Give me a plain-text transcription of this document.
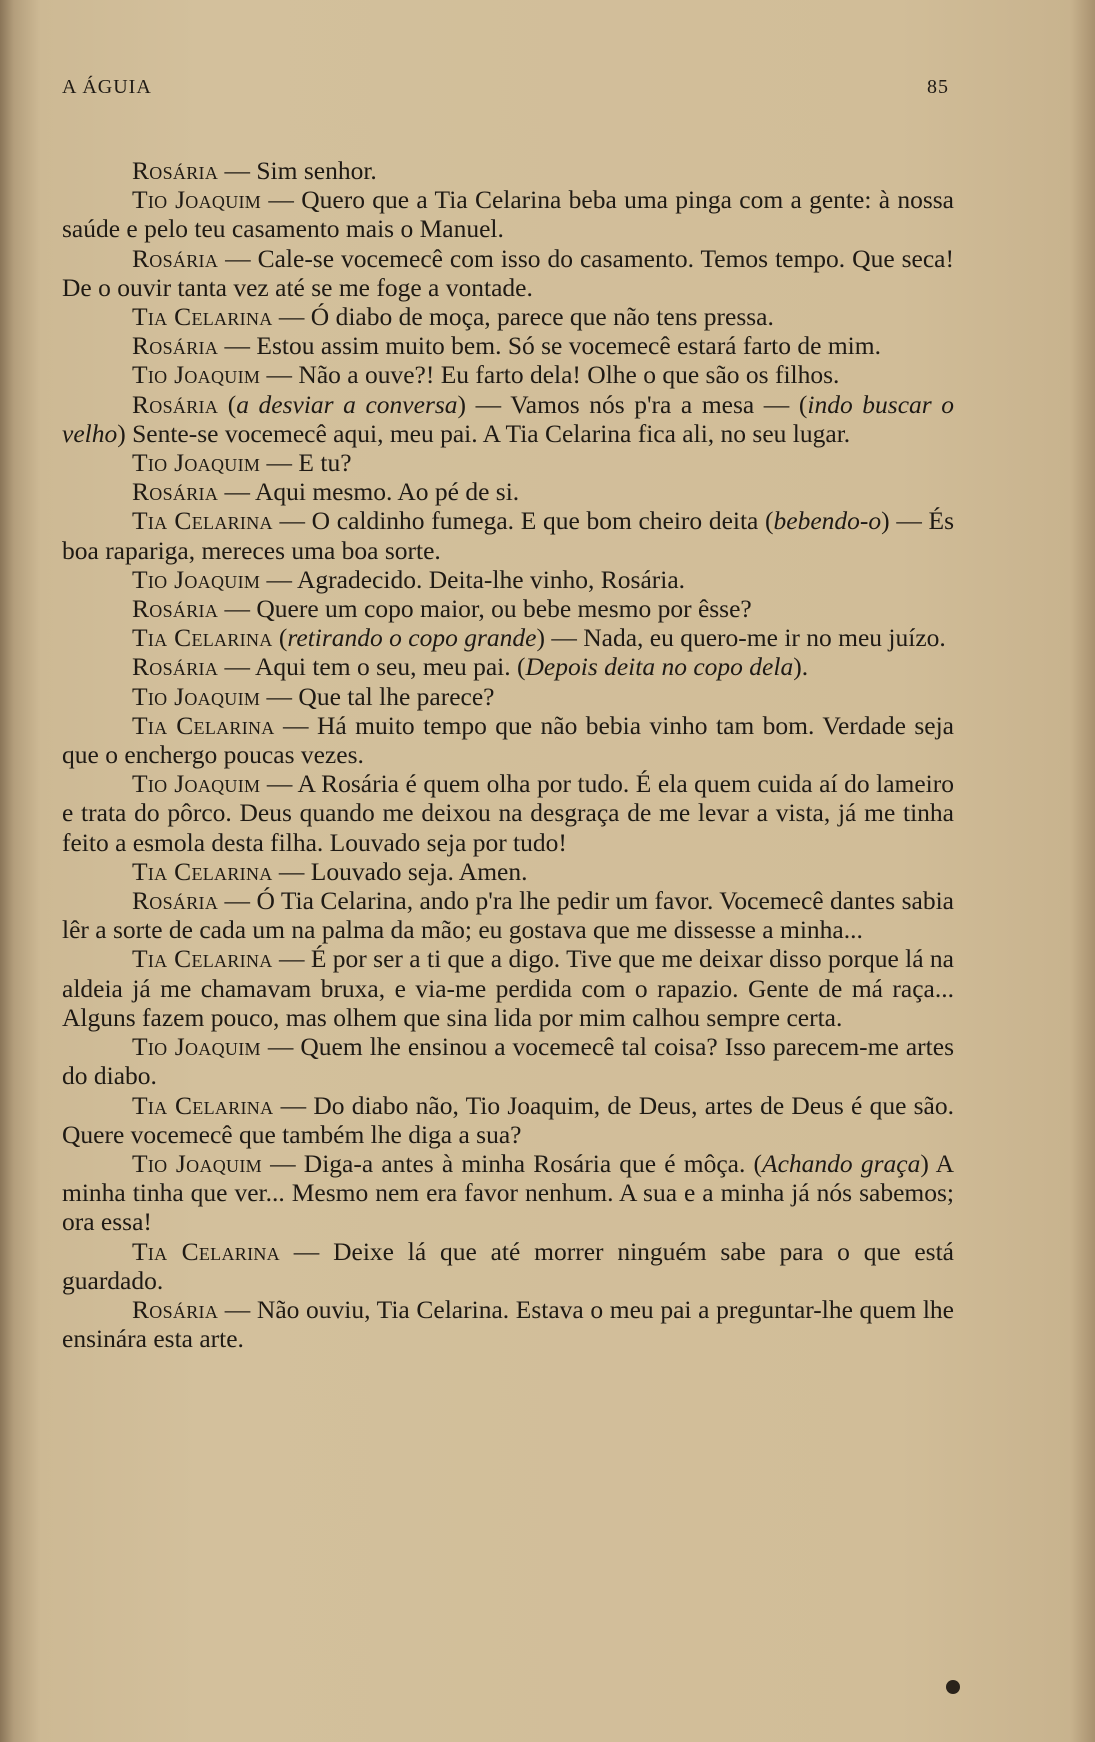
A ÁGUIA	85

Rosária — Sim senhor.

Tio Joaquim — Quero que a Tia Celarina beba uma pinga com a gente: à nossa saúde e pelo teu casamento mais o Manuel.

Rosária — Cale-se vocemecê com isso do casamento. Temos tempo. Que seca! De o ouvir tanta vez até se me foge a vontade.

Tia Celarina — Ó diabo de moça, parece que não tens pressa.

Rosária — Estou assim muito bem. Só se vocemecê estará farto de mim.

Tio Joaquim — Não a ouve?! Eu farto dela! Olhe o que são os filhos.

Rosária (a desviar a conversa) — Vamos nós p'ra a mesa — (indo buscar o velho) Sente-se vocemecê aqui, meu pai. A Tia Celarina fica ali, no seu lugar.

Tio Joaquim — E tu?

Rosária — Aqui mesmo. Ao pé de si.

Tia Celarina — O caldinho fumega. E que bom cheiro deita (bebendo-o) — És boa rapariga, mereces uma boa sorte.

Tio Joaquim — Agradecido. Deita-lhe vinho, Rosária.

Rosária — Quere um copo maior, ou bebe mesmo por êsse?

Tia Celarina (retirando o copo grande) — Nada, eu quero-me ir no meu juízo.

Rosária — Aqui tem o seu, meu pai. (Depois deita no copo dela).

Tio Joaquim — Que tal lhe parece?

Tia Celarina — Há muito tempo que não bebia vinho tam bom. Verdade seja que o enchergo poucas vezes.

Tio Joaquim — A Rosária é quem olha por tudo. É ela quem cuida aí do lameiro e trata do pôrco. Deus quando me deixou na desgraça de me levar a vista, já me tinha feito a esmola desta filha. Louvado seja por tudo!

Tia Celarina — Louvado seja. Amen.

Rosária — Ó Tia Celarina, ando p'ra lhe pedir um favor. Vocemecê dantes sabia lêr a sorte de cada um na palma da mão; eu gostava que me dissesse a minha...

Tia Celarina — É por ser a ti que a digo. Tive que me deixar disso porque lá na aldeia já me chamavam bruxa, e via-me perdida com o rapazio. Gente de má raça... Alguns fazem pouco, mas olhem que sina lida por mim calhou sempre certa.

Tio Joaquim — Quem lhe ensinou a vocemecê tal coisa? Isso parecem-me artes do diabo.

Tia Celarina — Do diabo não, Tio Joaquim, de Deus, artes de Deus é que são. Quere vocemecê que também lhe diga a sua?

Tio Joaquim — Diga-a antes à minha Rosária que é môça. (Achando graça) A minha tinha que ver... Mesmo nem era favor nenhum. A sua e a minha já nós sabemos; ora essa!

Tia Celarina — Deixe lá que até morrer ninguém sabe para o que está guardado.

Rosária — Não ouviu, Tia Celarina. Estava o meu pai a preguntar-lhe quem lhe ensinára esta arte.
